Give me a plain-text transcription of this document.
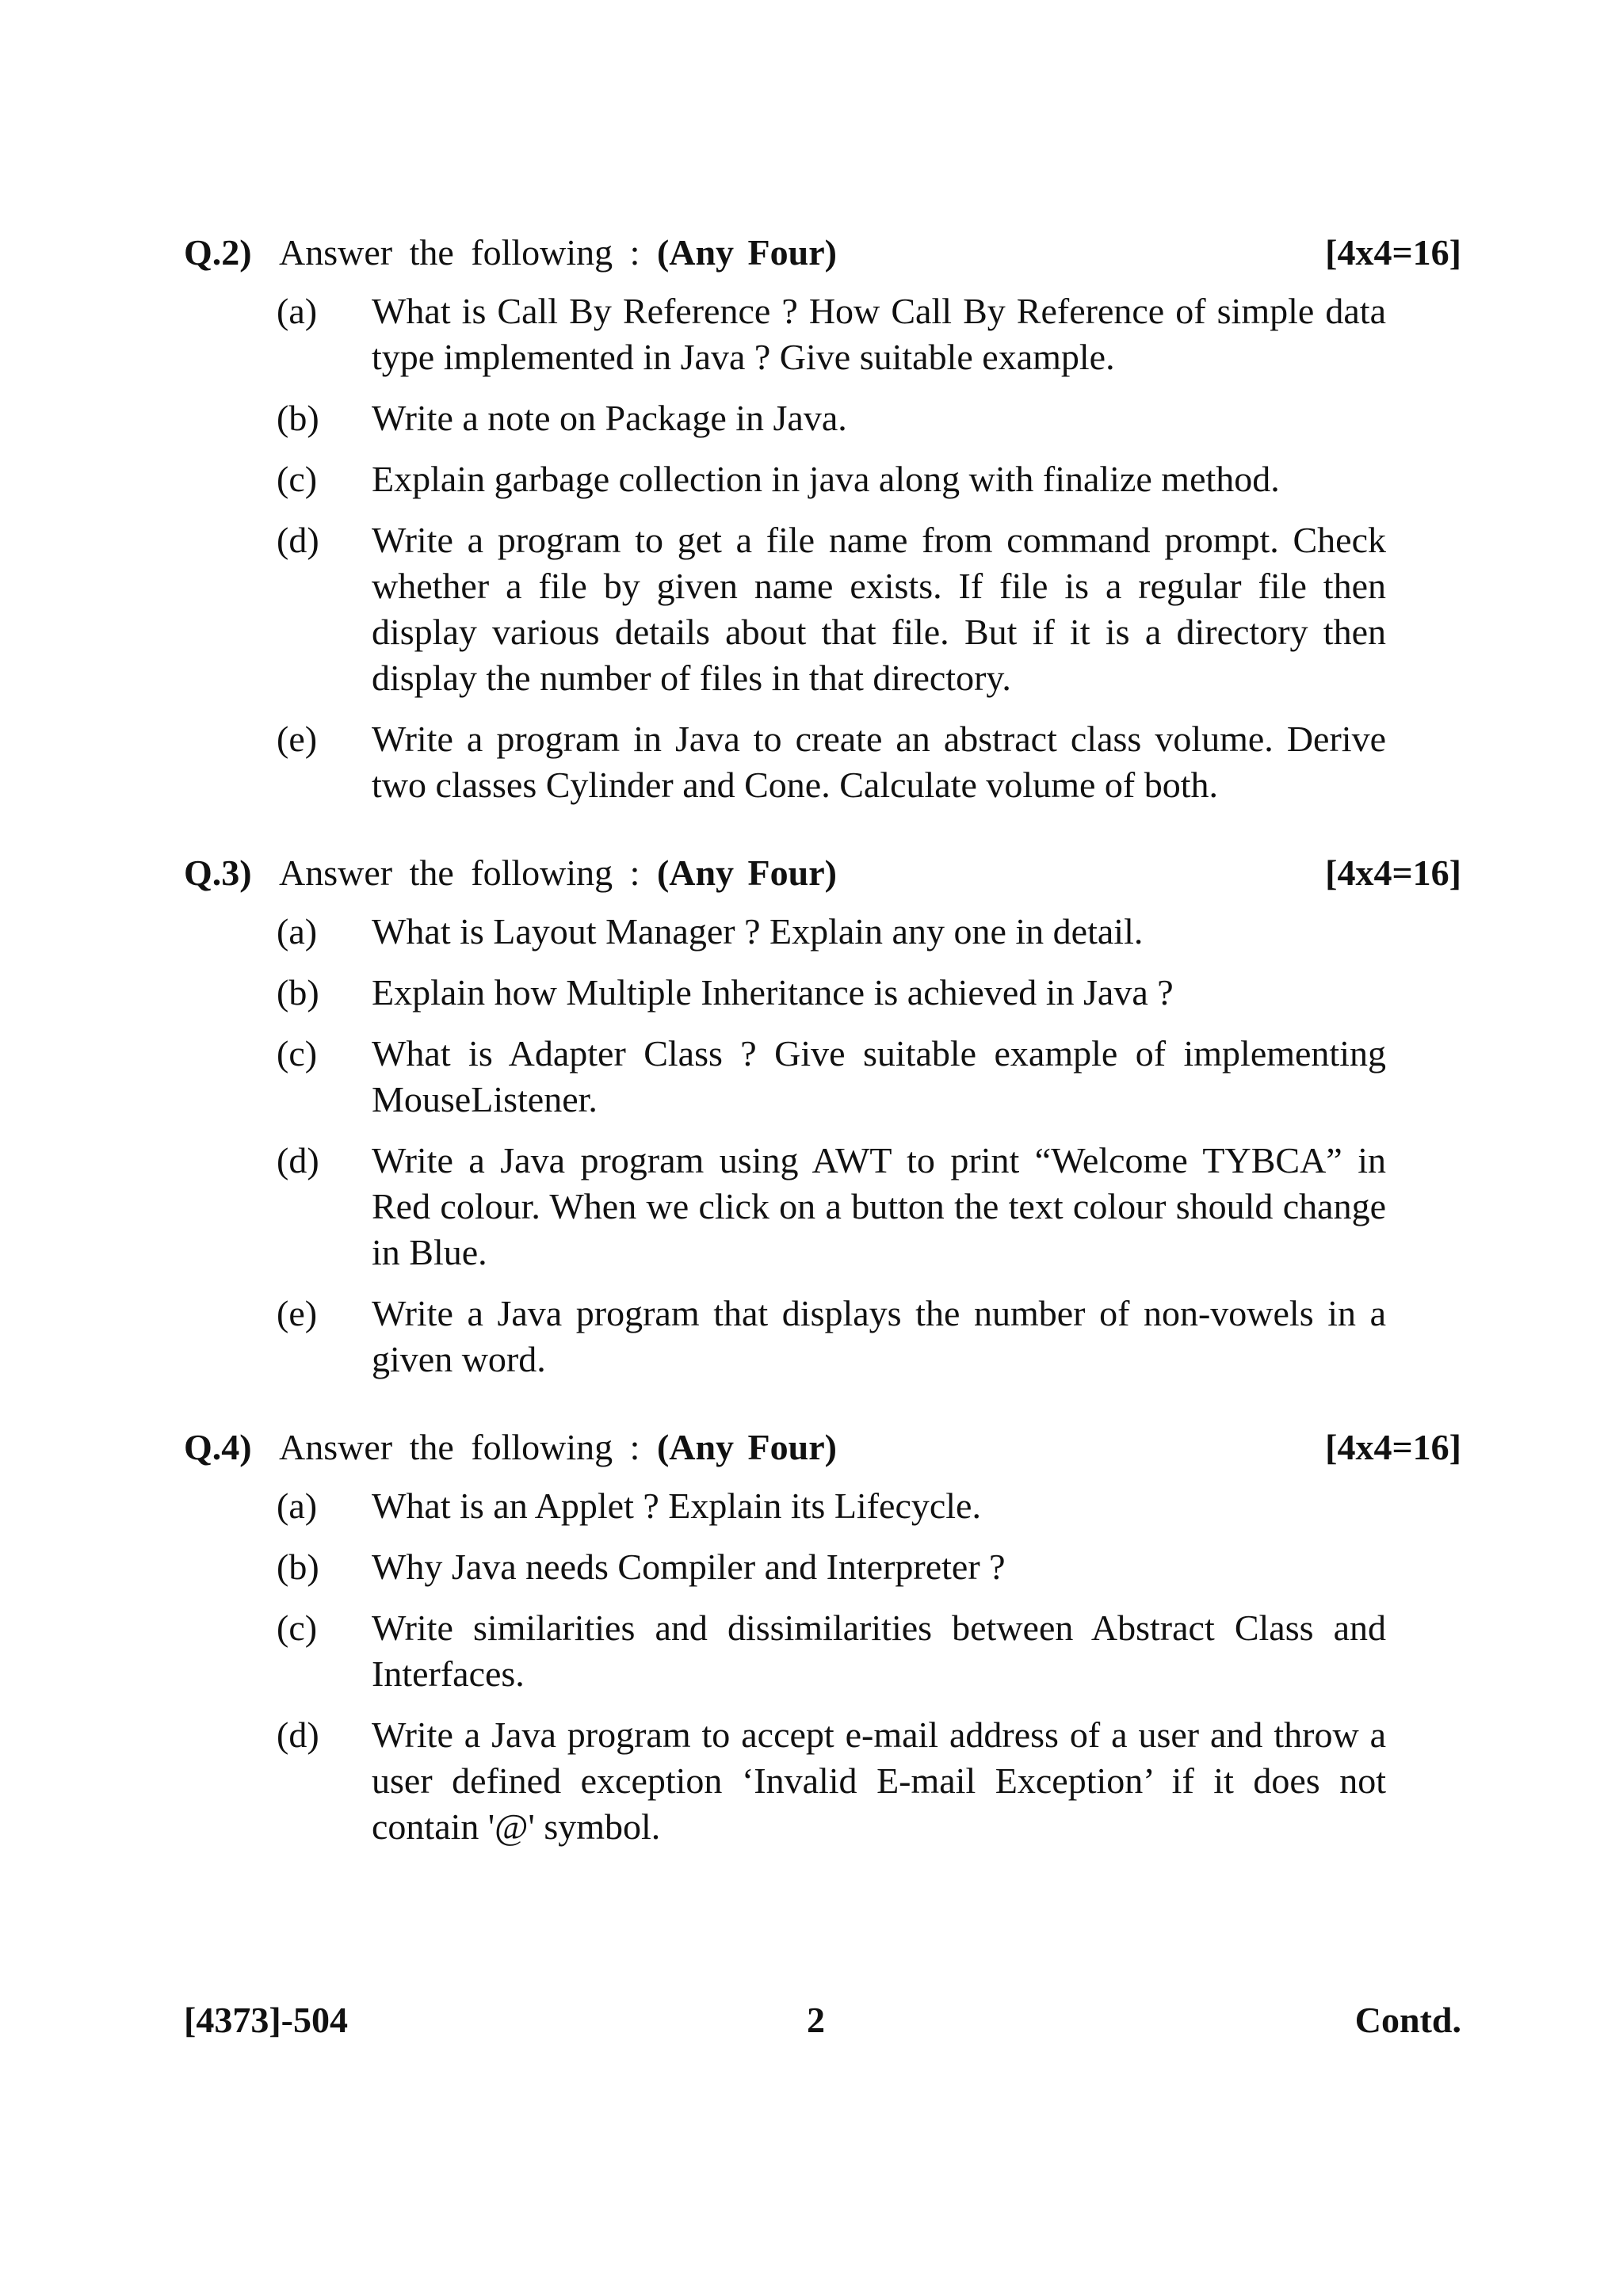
Q.2) Answer the following : (Any Four)	[4x4=16]
(a) What is Call By Reference ? How Call By Reference of simple data type implemented in Java ? Give suitable example.
(b) Write a note on Package in Java.
(c) Explain garbage collection in java along with finalize method.
(d) Write a program to get a file name from command prompt. Check whether a file by given name exists. If file is a regular file then display various details about that file. But if it is a directory then display the number of files in that directory.
(e) Write a program in Java to create an abstract class volume. Derive two classes Cylinder and Cone. Calculate volume of both.
Q.3) Answer the following : (Any Four)	[4x4=16]
(a) What is Layout Manager ? Explain any one in detail.
(b) Explain how Multiple Inheritance is achieved in Java ?
(c) What is Adapter Class ? Give suitable example of implementing MouseListener.
(d) Write a Java program using AWT to print “Welcome TYBCA” in Red colour. When we click on a button the text colour should change in Blue.
(e) Write a Java program that displays the number of non-vowels in a given word.
Q.4) Answer the following : (Any Four)	[4x4=16]
(a) What is an Applet ? Explain its Lifecycle.
(b) Why Java needs Compiler and Interpreter ?
(c) Write similarities and dissimilarities between Abstract Class and Interfaces.
(d) Write a Java program to accept e-mail address of a user and throw a user defined exception ‘Invalid E-mail Exception’ if it does not contain '@' symbol.
[4373]-504	2	Contd.
